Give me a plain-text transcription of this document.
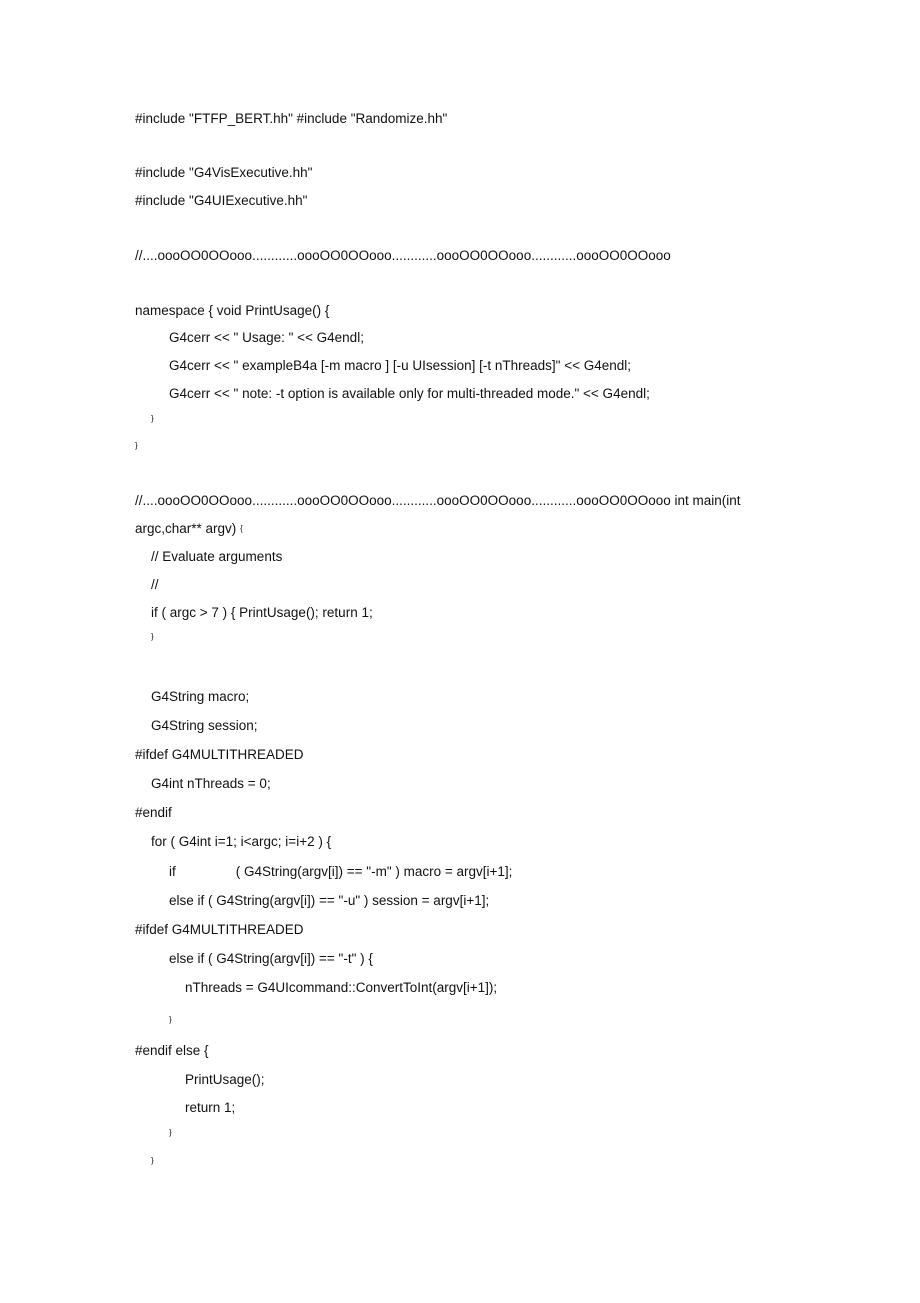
#include "FTFP_BERT.hh" #include "Randomize.hh"
#include "G4VisExecutive.hh"
#include "G4UIExecutive.hh"
//....oooOO0OOooo............oooOO0OOooo............oooOO0OOooo............oooOO0OOooo
namespace { void PrintUsage() {
G4cerr << " Usage: " << G4endl;
G4cerr << " exampleB4a [-m macro ] [-u UIsession] [-t nThreads]" << G4endl;
G4cerr << " note: -t option is available only for multi-threaded mode." << G4endl;
}
}
//....oooOO0OOooo............oooOO0OOooo............oooOO0OOooo............oooOO0OOooo int main(int
argc,char** argv) {
// Evaluate arguments
//
if ( argc > 7 ) { PrintUsage(); return 1;
}
G4String macro;
G4String session;
#ifdef G4MULTITHREADED
G4int nThreads = 0;
#endif
for ( G4int i=1; i<argc; i=i+2 ) {
if	( G4String(argv[i]) == "-m" ) macro = argv[i+1];
else if ( G4String(argv[i]) == "-u" ) session = argv[i+1];
#ifdef G4MULTITHREADED
else if ( G4String(argv[i]) == "-t" ) {
nThreads = G4UIcommand::ConvertToInt(argv[i+1]);
}
#endif else {
PrintUsage();
return 1;
}
}
